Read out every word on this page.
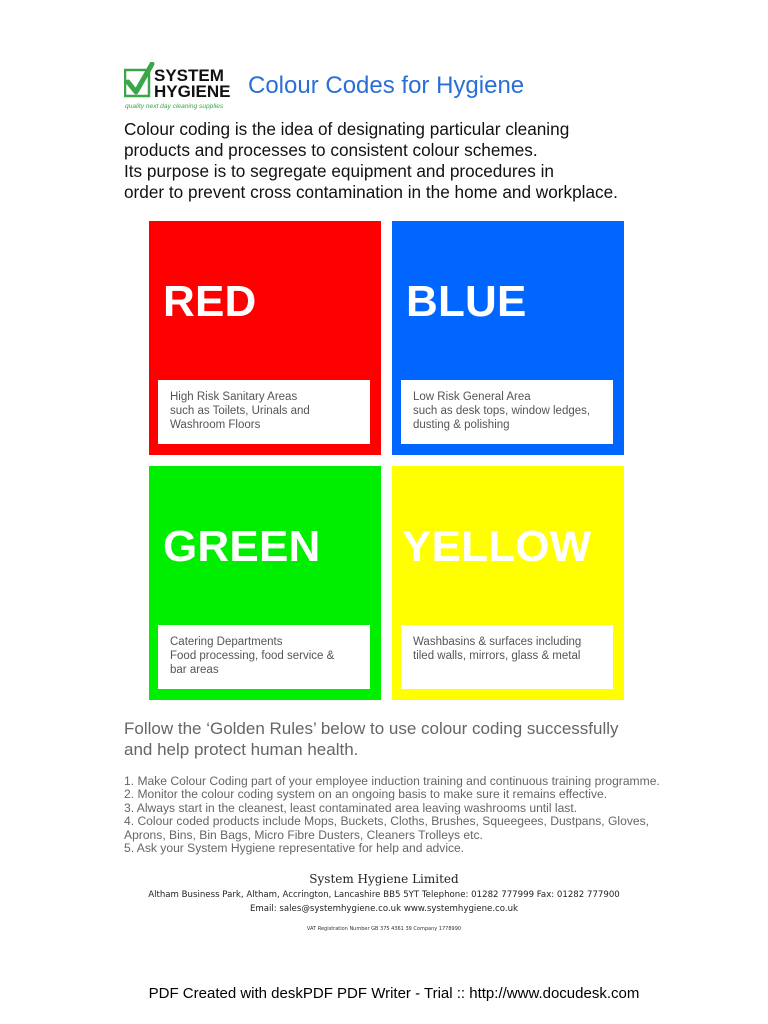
SYSTEM
HYGIENE
quality next day cleaning supplies
Colour Codes for Hygiene

Colour coding is the idea of designating particular cleaning

products and processes to consistent colour schemes.

Its purpose is to segregate equipment and procedures in

order to prevent cross contamination in the home and workplace.

RED
High Risk Sanitary Areas
such as Toilets, Urinals and
Washroom Floors
BLUE
Low Risk General Area
such as desk tops, window ledges,
dusting & polishing
GREEN
Catering Departments
Food processing, food service &
bar areas
YELLOW
Washbasins & surfaces including
tiled walls, mirrors, glass & metal

Follow the ‘Golden Rules’ below to use colour coding successfully

and help protect human health.

1. Make Colour Coding part of your employee induction training and continuous training programme.
2. Monitor the colour coding system on an ongoing basis to make sure it remains effective.
3. Always start in the cleanest, least contaminated area leaving washrooms until last.
4. Colour coded products include Mops, Buckets, Cloths, Brushes, Squeegees, Dustpans, Gloves,
Aprons, Bins, Bin Bags, Micro Fibre Dusters, Cleaners Trolleys etc.
5. Ask your System Hygiene representative for help and advice.
System Hygiene Limited
Altham Business Park, Altham, Accrington, Lancashire BB5 5YT Telephone: 01282 777999 Fax: 01282 777900
Email: sales@systemhygiene.co.uk www.systemhygiene.co.uk
VAT Registration Number GB 375 4361 39 Company 1778990
PDF Created with deskPDF PDF Writer - Trial :: http://www.docudesk.com
